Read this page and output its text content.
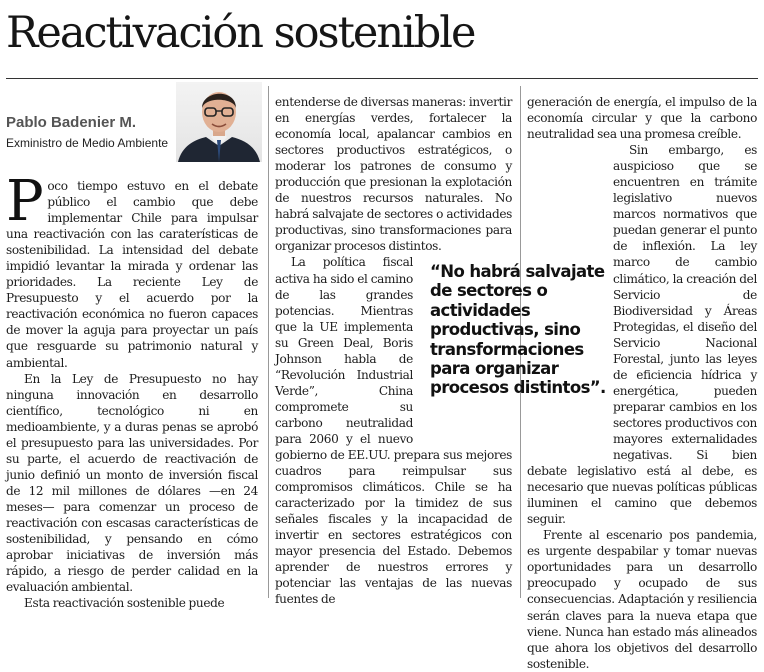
Reactivación sostenible
Pablo Badenier M.
Exministro de Medio Ambiente

Poco tiempo estuvo en el debate público el cambio que debe implementar Chile para impulsar una reactivación con las caraterísticas de sostenibilidad. La intensidad del debate impidió levantar la mirada y ordenar las prioridades. La reciente Ley de Presupuesto y el acuerdo por la reactivación económica no fueron capaces de mover la aguja para proyectar un país que resguarde su patrimonio natural y ambiental.

En la Ley de Presupuesto no hay ninguna innovación en desarrollo científico, tecnológico ni en medioambiente, y a duras penas se aprobó el presupuesto para las universidades. Por su parte, el acuerdo de reactivación de junio definió un monto de inversión fiscal de 12 mil millones de dólares —en 24 meses— para comenzar un proceso de reactivación con escasas características de sostenibilidad, y pensando en cómo aprobar iniciativas de inversión más rápido, a riesgo de perder calidad en la evaluación ambiental.

Esta reactivación sostenible puede

entenderse de diversas maneras: invertir en energías verdes, fortalecer la economía local, apalancar cambios en sectores productivos estratégicos, o moderar los patrones de consumo y producción que presionan la explotación de nuestros recursos naturales. No habrá salvajate de sectores o actividades productivas, sino transformaciones para organizar procesos distintos.

La política fiscal activa ha sido el camino de las grandes potencias. Mientras que la UE implementa su Green Deal, Boris Johnson habla de “Revolución Industrial Verde”, China compromete su carbono neutralidad para 2060 y el nuevo gobierno de EE.UU. prepara sus mejores cuadros para reimpulsar sus compromisos climáticos. Chile se ha caracterizado por la timidez de sus señales fiscales y la incapacidad de invertir en sectores estratégicos con mayor presencia del Estado. Debemos aprender de nuestros errores y potenciar las ventajas de las nuevas fuentes de

generación de energía, el impulso de la economía circular y que la carbono neutralidad sea una promesa creíble.

Sin embargo, es auspicioso que se encuentren en trámite legislativo nuevos marcos normativos que puedan generar el punto de inflexión. La ley marco de cambio climático, la creación del Servicio de Biodiversidad y Áreas Protegidas, el diseño del Servicio Nacional Forestal, junto las leyes de eficiencia hídrica y energética, pueden preparar cambios en los sectores productivos con mayores externalidades negativas. Si bien debate legislativo está al debe, es necesario que nuevas políticas públicas iluminen el camino que debemos seguir.

Frente al escenario pos pandemia, es urgente despabilar y tomar nuevas oportunidades para un desarrollo preocupado y ocupado de sus consecuencias. Adaptación y resiliencia serán claves para la nueva etapa que viene. Nunca han estado más alineados que ahora los objetivos del desarrollo sostenible.

“No habrá salvajate de sectores o actividades productivas, sino transformaciones para organizar procesos distintos”.
